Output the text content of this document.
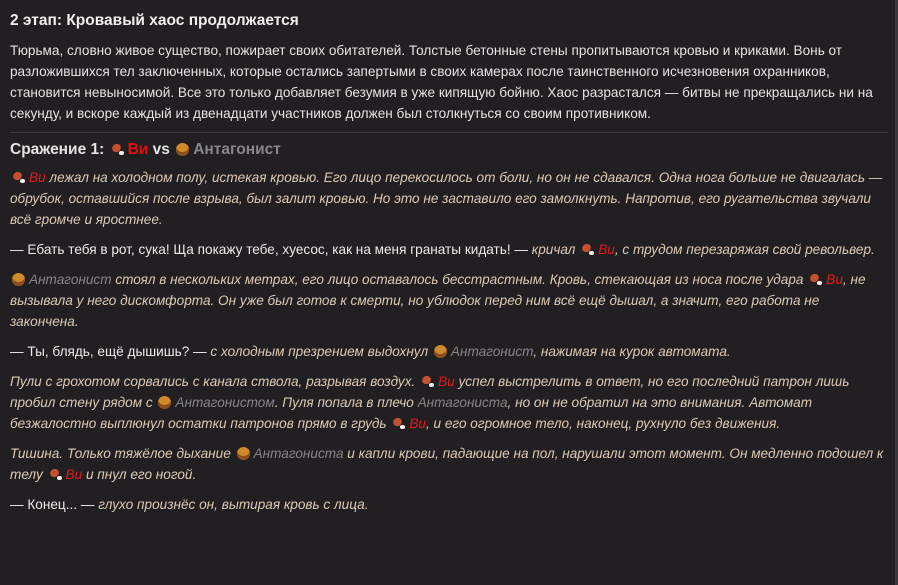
2 этап: Кровавый хаос продолжается

Тюрьма, словно живое существо, пожирает своих обитателей. Толстые бетонные стены пропитываются кровью и криками. Вонь от разложившихся тел заключенных, которые остались запертыми в своих камерах после таинственного исчезновения охранников, становится невыносимой. Все это только добавляет безумия в уже кипящую бойню. Хаос разрастался — битвы не прекращались ни на секунду, и вскоре каждый из двенадцати участников должен был столкнуться со своим противником.

Сражение 1: Ви vs Антагонист

Ви лежал на холодном полу, истекая кровью. Его лицо перекосилось от боли, но он не сдавался. Одна нога больше не двигалась — обрубок, оставшийся после взрыва, был залит кровью. Но это не заставило его замолкнуть. Напротив, его ругательства звучали всё громче и яростнее.

— Ебать тебя в рот, сука! Ща покажу тебе, хуесос, как на меня гранаты кидать! — кричал Ви, с трудом перезаряжая свой револьвер.

Антагонист стоял в нескольких метрах, его лицо оставалось бесстрастным. Кровь, стекающая из носа после удара Ви, не вызывала у него дискомфорта. Он уже был готов к смерти, но ублюдок перед ним всё ещё дышал, а значит, его работа не закончена.

— Ты, блядь, ещё дышишь? — с холодным презрением выдохнул Антагонист, нажимая на курок автомата.

Пули с грохотом сорвались с канала ствола, разрывая воздух. Ви успел выстрелить в ответ, но его последний патрон лишь пробил стену рядом с Антагонистом. Пуля попала в плечо Антагониста, но он не обратил на это внимания. Автомат безжалостно выплюнул остатки патронов прямо в грудь Ви, и его огромное тело, наконец, рухнуло без движения.

Тишина. Только тяжёлое дыхание Антагониста и капли крови, падающие на пол, нарушали этот момент. Он медленно подошел к телу Ви и пнул его ногой.

— Конец... — глухо произнёс он, вытирая кровь с лица.
